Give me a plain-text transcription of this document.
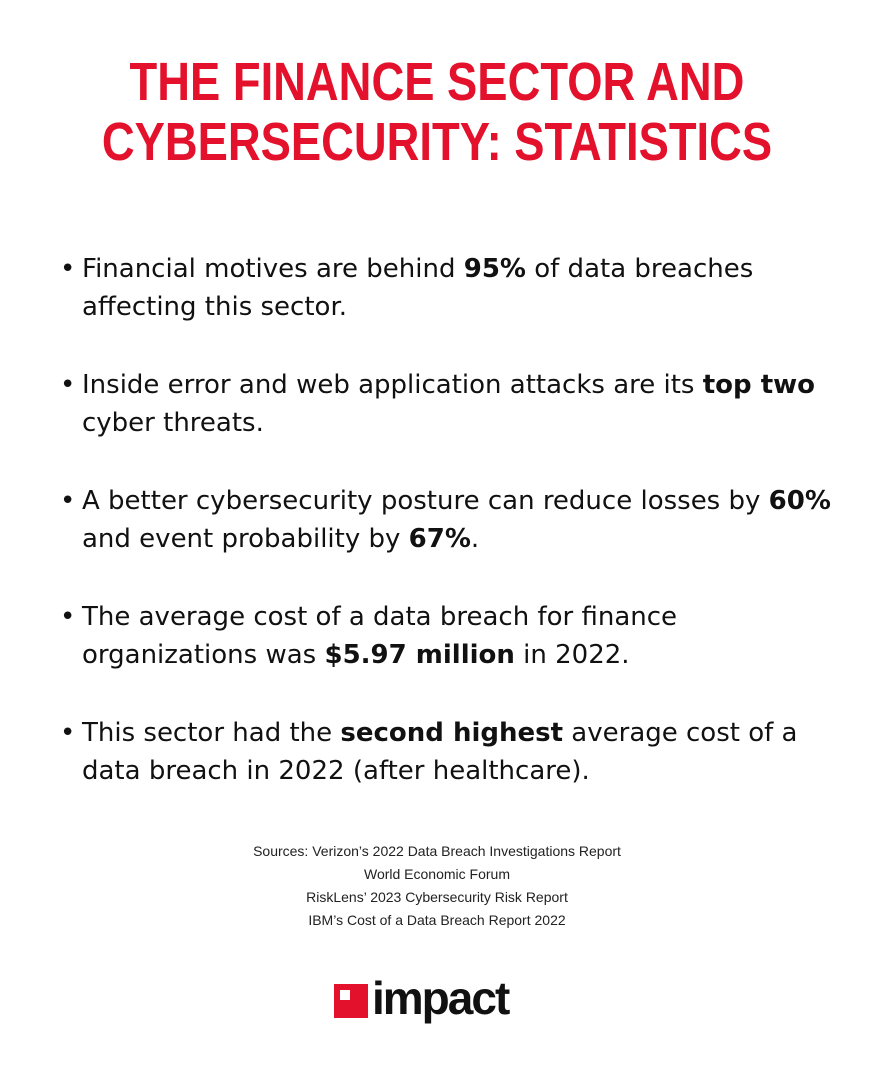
THE FINANCE SECTOR AND
CYBERSECURITY: STATISTICS
• Financial motives are behind 95% of data breaches affecting this sector.
• Inside error and web application attacks are its top two cyber threats.
• A better cybersecurity posture can reduce losses by 60% and event probability by 67%.
• The average cost of a data breach for finance organizations was $5.97 million in 2022.
• This sector had the second highest average cost of a data breach in 2022 (after healthcare).
Sources: Verizon’s 2022 Data Breach Investigations Report
World Economic Forum
RiskLens’ 2023 Cybersecurity Risk Report
IBM’s Cost of a Data Breach Report 2022
impact
